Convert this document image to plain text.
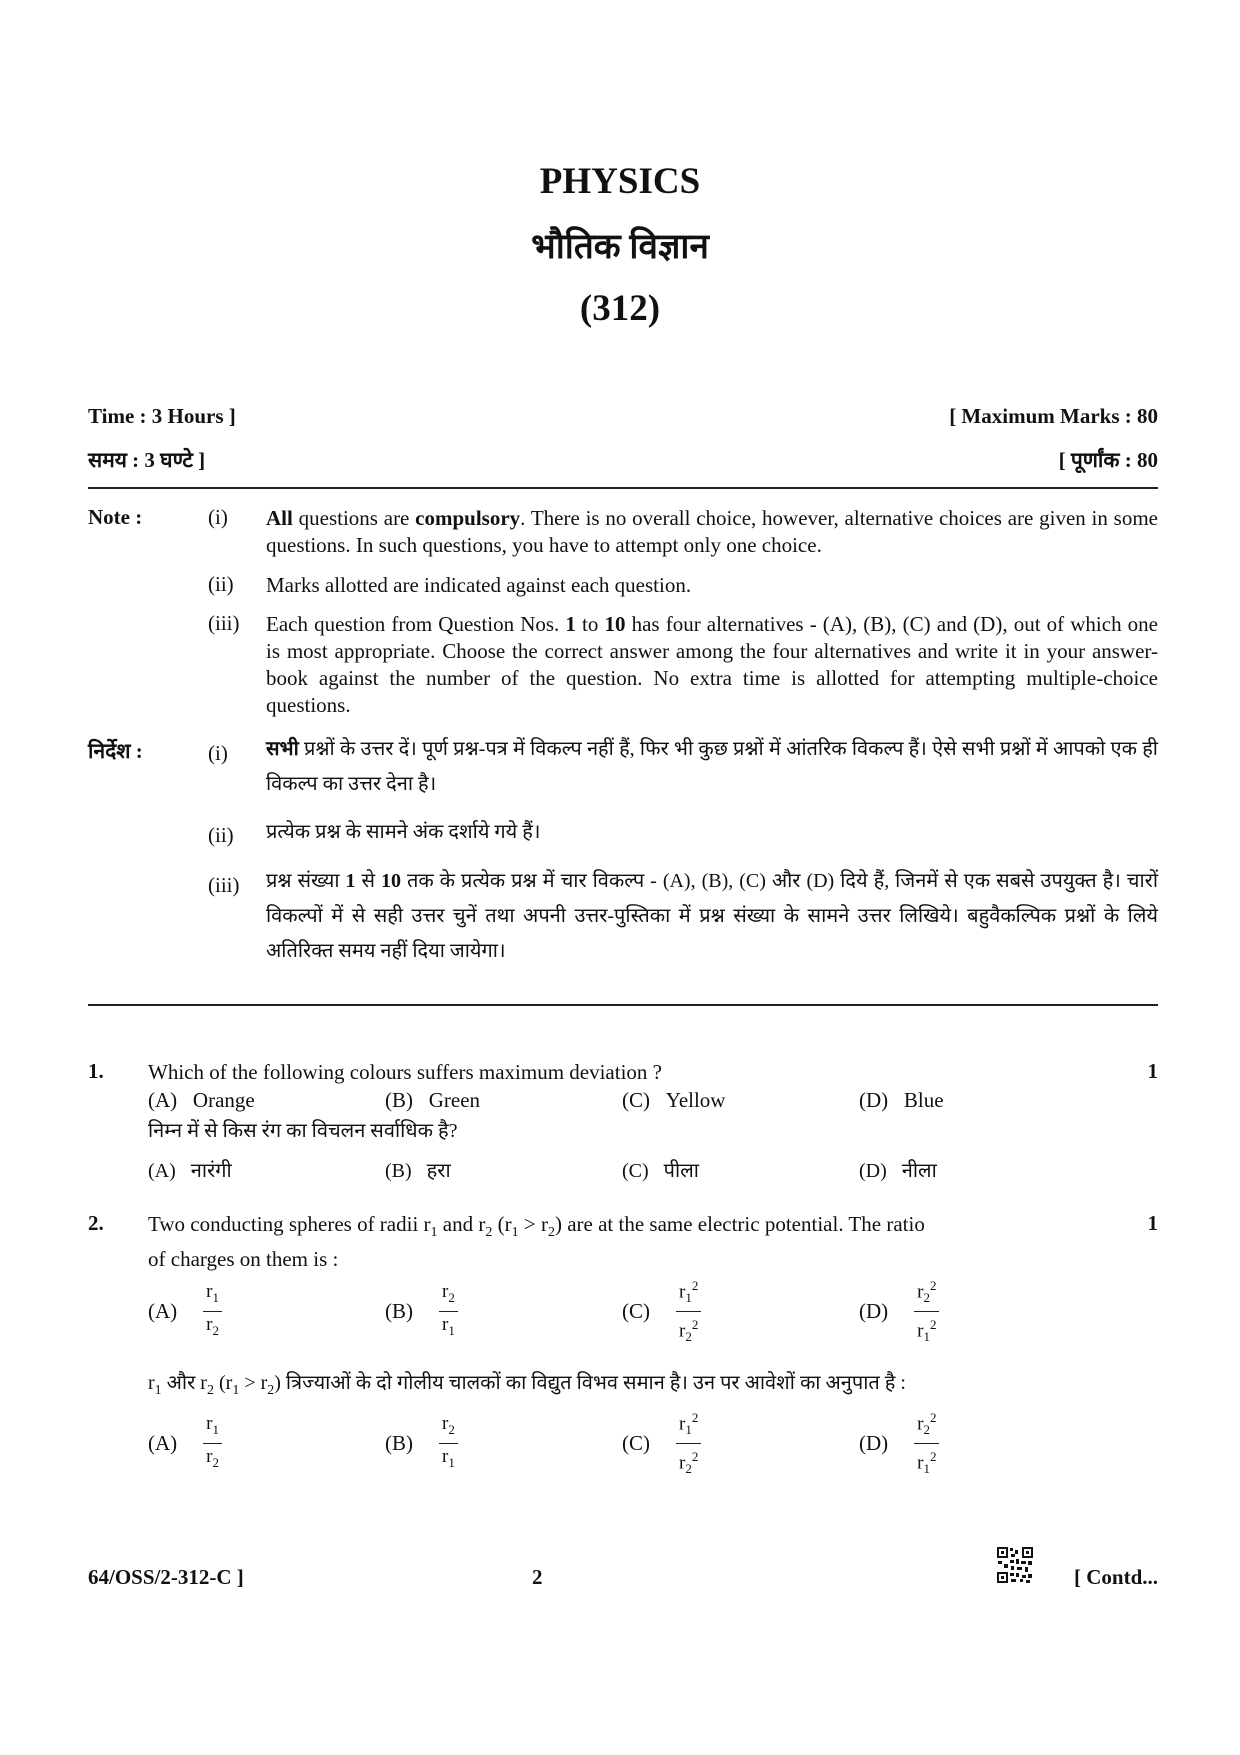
PHYSICS
भौतिक विज्ञान
(312)
Time : 3 Hours ]	[ Maximum Marks : 80
समय : 3 घण्टे ]	[ पूर्णांक : 80
Note :	(i) All questions are compulsory. There is no overall choice, however, alternative choices are given in some questions. In such questions, you have to attempt only one choice.
(ii) Marks allotted are indicated against each question.
(iii) Each question from Question Nos. 1 to 10 has four alternatives - (A), (B), (C) and (D), out of which one is most appropriate. Choose the correct answer among the four alternatives and write it in your answer-book against the number of the question. No extra time is allotted for attempting multiple-choice questions.
निर्देश :	(i) सभी प्रश्नों के उत्तर दें। पूर्ण प्रश्न-पत्र में विकल्प नहीं हैं, फिर भी कुछ प्रश्नों में आंतरिक विकल्प हैं। ऐसे सभी प्रश्नों में आपको एक ही विकल्प का उत्तर देना है।
(ii) प्रत्येक प्रश्न के सामने अंक दर्शाये गये हैं।
(iii) प्रश्न संख्या 1 से 10 तक के प्रत्येक प्रश्न में चार विकल्प - (A), (B), (C) और (D) दिये हैं, जिनमें से एक सबसे उपयुक्त है। चारों विकल्पों में से सही उत्तर चुनें तथा अपनी उत्तर-पुस्तिका में प्रश्न संख्या के सामने उत्तर लिखिये। बहुवैकल्पिक प्रश्नों के लिये अतिरिक्त समय नहीं दिया जायेगा।
1. Which of the following colours suffers maximum deviation ?	1
(A) Orange	(B) Green	(C) Yellow	(D) Blue
निम्न में से किस रंग का विचलन सर्वाधिक है?
(A) नारंगी	(B) हरा	(C) पीला	(D) नीला
2. Two conducting spheres of radii $r_1$ and $r_2$ $(r_1 > r_2)$ are at the same electric potential. The ratio
of charges on them is :
1
$(A) \frac{r_1}{r_2}$	$(B) \frac{r_2}{r_1}$	$(C) \frac{r_1^2}{r_2^2}$	$(D) \frac{r_2^2}{r_1^2}$
$r_1$ और $r_2$ $(r_1 > r_2)$ त्रिज्याओं के दो गोलीय चालकों का विद्युत विभव समान है। उन पर आवेशों का अनुपात है :
$(A) \frac{r_1}{r_2}$	$(B) \frac{r_2}{r_1}$	$(C) \frac{r_1^2}{r_2^2}$	$(D) \frac{r_2^2}{r_1^2}$
64/OSS/2-312-C ]	2	[ Contd...
